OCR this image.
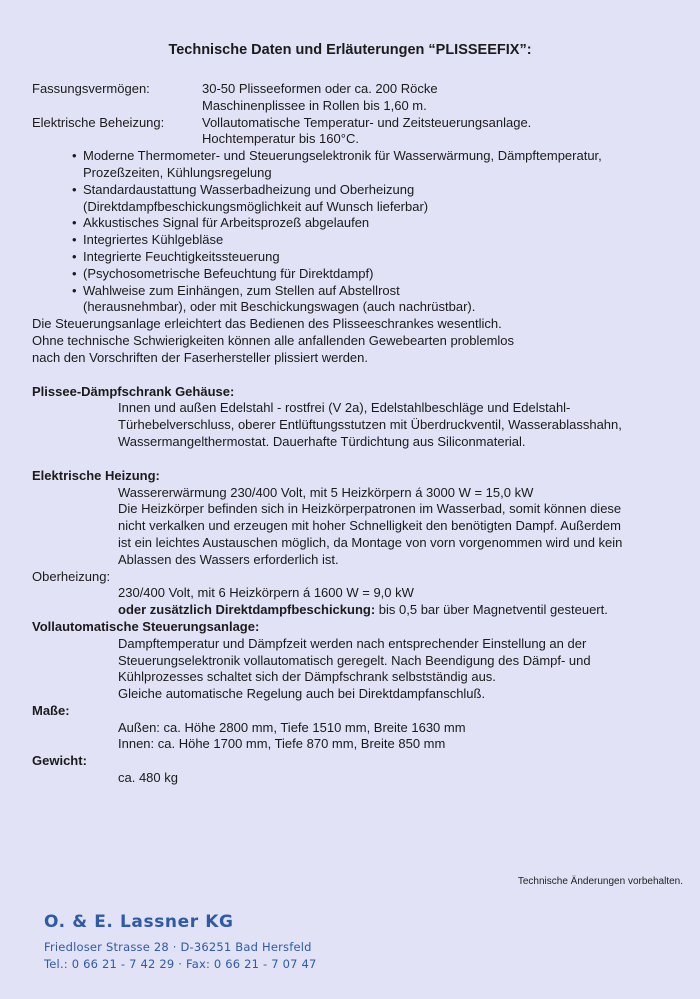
Technische Daten und Erläuterungen “PLISSEEFIX”:
Fassungsvermögen:	30-50 Plisseeformen oder ca. 200 Röcke
Maschinenplissee in Rollen bis 1,60 m.
Elektrische Beheizung:	Vollautomatische Temperatur- und Zeitsteuerungsanlage.
Hochtemperatur bis 160°C.
• Moderne Thermometer- und Steuerungselektronik für Wasserwärmung, Dämpftemperatur,
Prozeßzeiten, Kühlungsregelung
• Standardaustattung Wasserbadheizung und Oberheizung
(Direktdampfbeschickungsmöglichkeit auf Wunsch lieferbar)
• Akkustisches Signal für Arbeitsprozeß abgelaufen
• Integriertes Kühlgebläse
• Integrierte Feuchtigkeitssteuerung
• (Psychosometrische Befeuchtung für Direktdampf)
• Wahlweise zum Einhängen, zum Stellen auf Abstellrost
(herausnehmbar), oder mit Beschickungswagen (auch nachrüstbar).
Die Steuerungsanlage erleichtert das Bedienen des Plisseeschrankes wesentlich.
Ohne technische Schwierigkeiten können alle anfallenden Gewebearten problemlos
nach den Vorschriften der Faserhersteller plissiert werden.
Plissee-Dämpfschrank Gehäuse:
Innen und außen Edelstahl - rostfrei (V 2a), Edelstahlbeschläge und Edelstahl-
Türhebelverschluss, oberer Entlüftungsstutzen mit Überdruckventil, Wasserablasshahn,
Wassermangelthermostat. Dauerhafte Türdichtung aus Siliconmaterial.
Elektrische Heizung:
Wassererwärmung 230/400 Volt, mit 5 Heizkörpern á 3000 W = 15,0 kW
Die Heizkörper befinden sich in Heizkörperpatronen im Wasserbad, somit können diese
nicht verkalken und erzeugen mit hoher Schnelligkeit den benötigten Dampf. Außerdem
ist ein leichtes Austauschen möglich, da Montage von vorn vorgenommen wird und kein
Ablassen des Wassers erforderlich ist.
Oberheizung:
230/400 Volt, mit 6 Heizkörpern á 1600 W = 9,0 kW
oder zusätzlich Direktdampfbeschickung: bis 0,5 bar über Magnetventil gesteuert.
Vollautomatische Steuerungsanlage:
Dampftemperatur und Dämpfzeit werden nach entsprechender Einstellung an der
Steuerungselektronik vollautomatisch geregelt. Nach Beendigung des Dämpf- und
Kühlprozesses schaltet sich der Dämpfschrank selbstständig aus.
Gleiche automatische Regelung auch bei Direktdampfanschluß.
Maße:
Außen: ca. Höhe 2800 mm, Tiefe 1510 mm, Breite 1630 mm
Innen: ca. Höhe 1700 mm, Tiefe 870 mm, Breite 850 mm
Gewicht:
ca. 480 kg
Technische Änderungen vorbehalten.
O. & E. Lassner KG
Friedloser Strasse 28 · D-36251 Bad Hersfeld
Tel.: 0 66 21 - 7 42 29 · Fax: 0 66 21 - 7 07 47
